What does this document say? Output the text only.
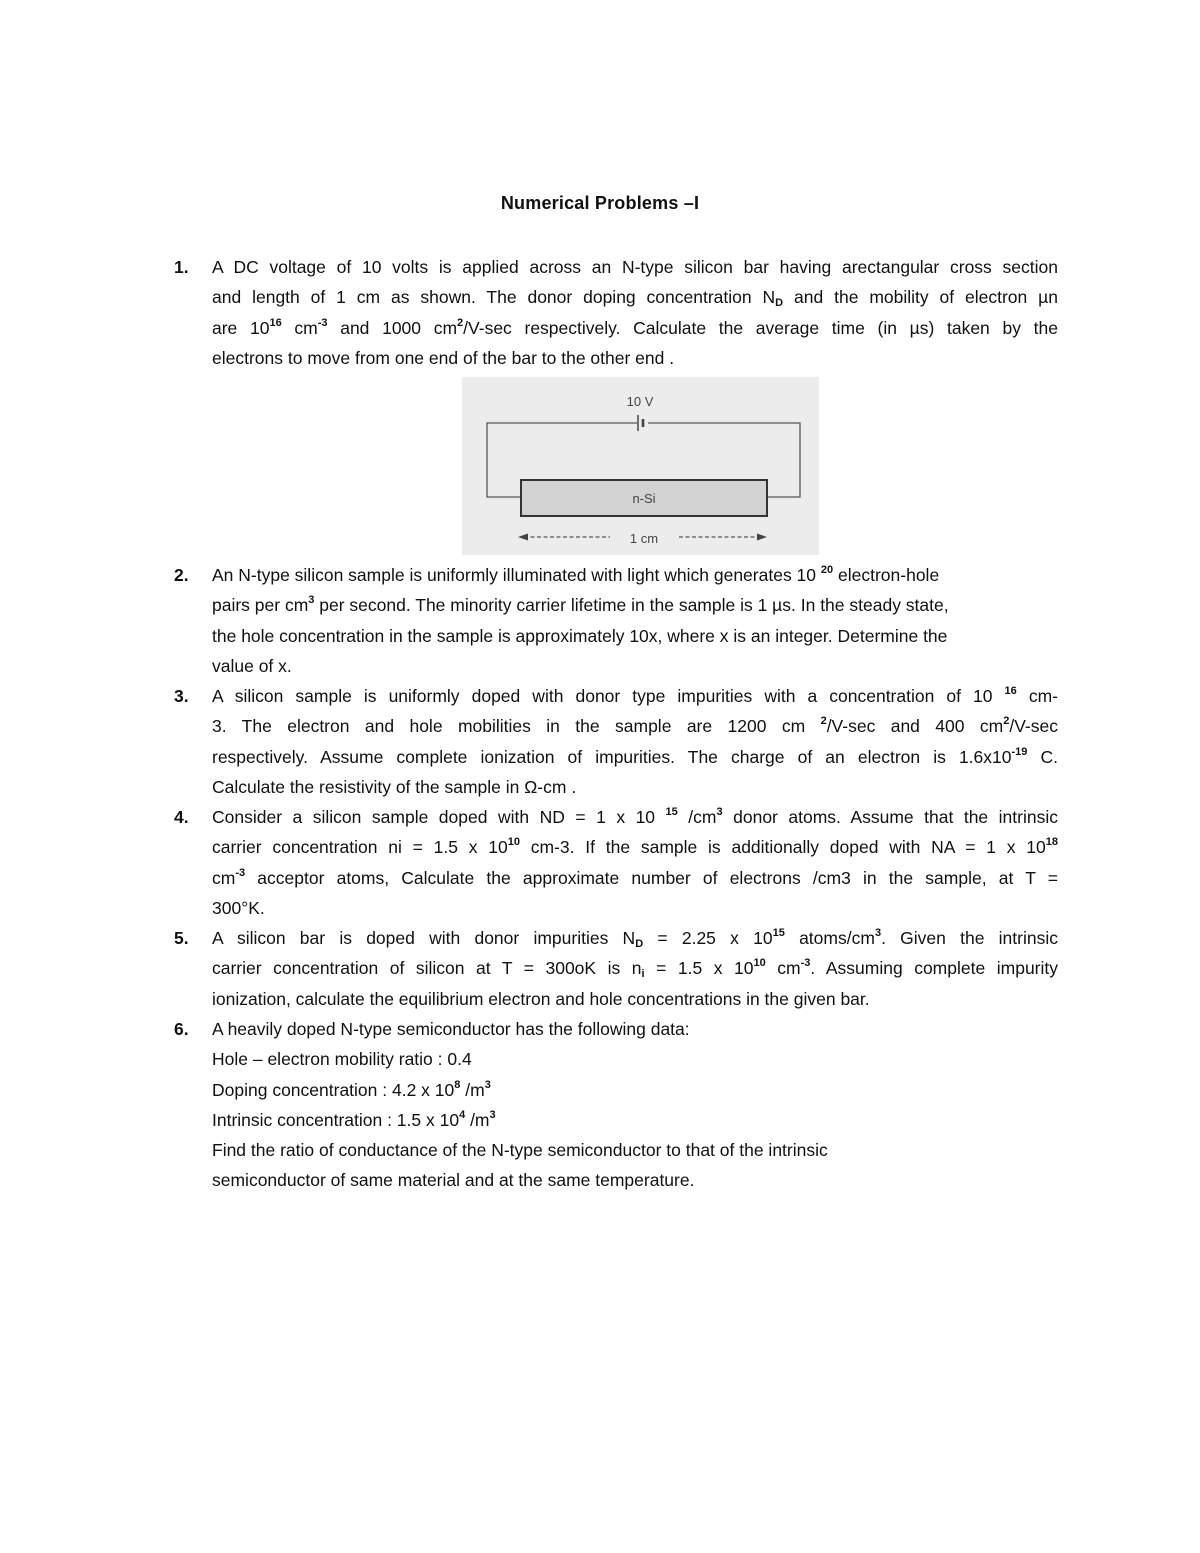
Numerical Problems –I
1. A DC voltage of 10 volts is applied across an N-type silicon bar having arectangular cross section
and length of 1 cm as shown. The donor doping concentration $N_D$ and the mobility of electron µn
are $10^{16}$ $cm^{-3}$ and 1000 $cm^2/V-\sec$ respectively. Calculate the average time (in µs) taken by the
electrons to move from one end of the bar to the other end .
10 V
n-Si
1 cm
2. An N-type silicon sample is uniformly illuminated with light which generates 10 $^{20}$ electron-hole
pairs per $cm^3$ per second. The minority carrier lifetime in the sample is 1 µs. In the steady state,
the hole concentration in the sample is approximately 10x, where x is an integer. Determine the
value of x.
3. A silicon sample is uniformly doped with donor type impurities with a concentration of 10 $^{16}$ cm-
3. The electron and hole mobilities in the sample are 1200 cm $^2$/V-sec and 400 $cm^2/V-\sec$
respectively. Assume complete ionization of impurities. The charge of an electron is $1.6x10^{-19}$ C.
Calculate the resistivity of the sample in Ω-cm .
4. Consider a silicon sample doped with ND = 1 x 10 $^{15}$ $/cm^3$ donor atoms. Assume that the intrinsic
carrier concentration ni = 1.5 x $10^{10}$ cm-3. If the sample is additionally doped with NA = 1 x $10^{18}$
$cm^{-3}$ acceptor atoms, Calculate the approximate number of electrons /cm3 in the sample, at T =
300°K.
5. A silicon bar is doped with donor impurities $N_D = 2.25$ x $10^{15}$ atoms/$cm^3$. Given the intrinsic
carrier concentration of silicon at T = 300oK is $n_i = 1.5$ x $10^{10}$ $cm^{-3}$. Assuming complete impurity
ionization, calculate the equilibrium electron and hole concentrations in the given bar.
6. A heavily doped N-type semiconductor has the following data:
Hole – electron mobility ratio : 0.4
Doping concentration : 4.2 x $10^8$ $/m^3$
Intrinsic concentration : 1.5 x $10^4$ $/m^3$
Find the ratio of conductance of the N-type semiconductor to that of the intrinsic
semiconductor of same material and at the same temperature.
